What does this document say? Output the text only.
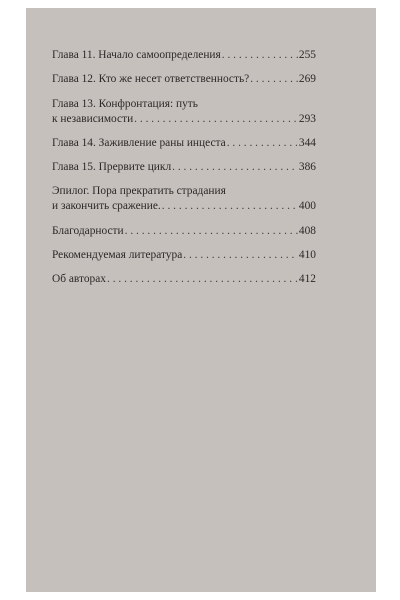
Глава 11. Начало самоопределения . . .	255
Глава 12. Кто же несет ответственность? . . .	269
Глава 13. Конфронтация: путь
к независимости . . .	293
Глава 14. Заживление раны инцеста . . .	344
Глава 15. Прервите цикл . . .	386
Эпилог. Пора прекратить страдания
и закончить сражение. . . .	400
Благодарности . . .	408
Рекомендуемая литература . . .	410
Об авторах . . .	412
